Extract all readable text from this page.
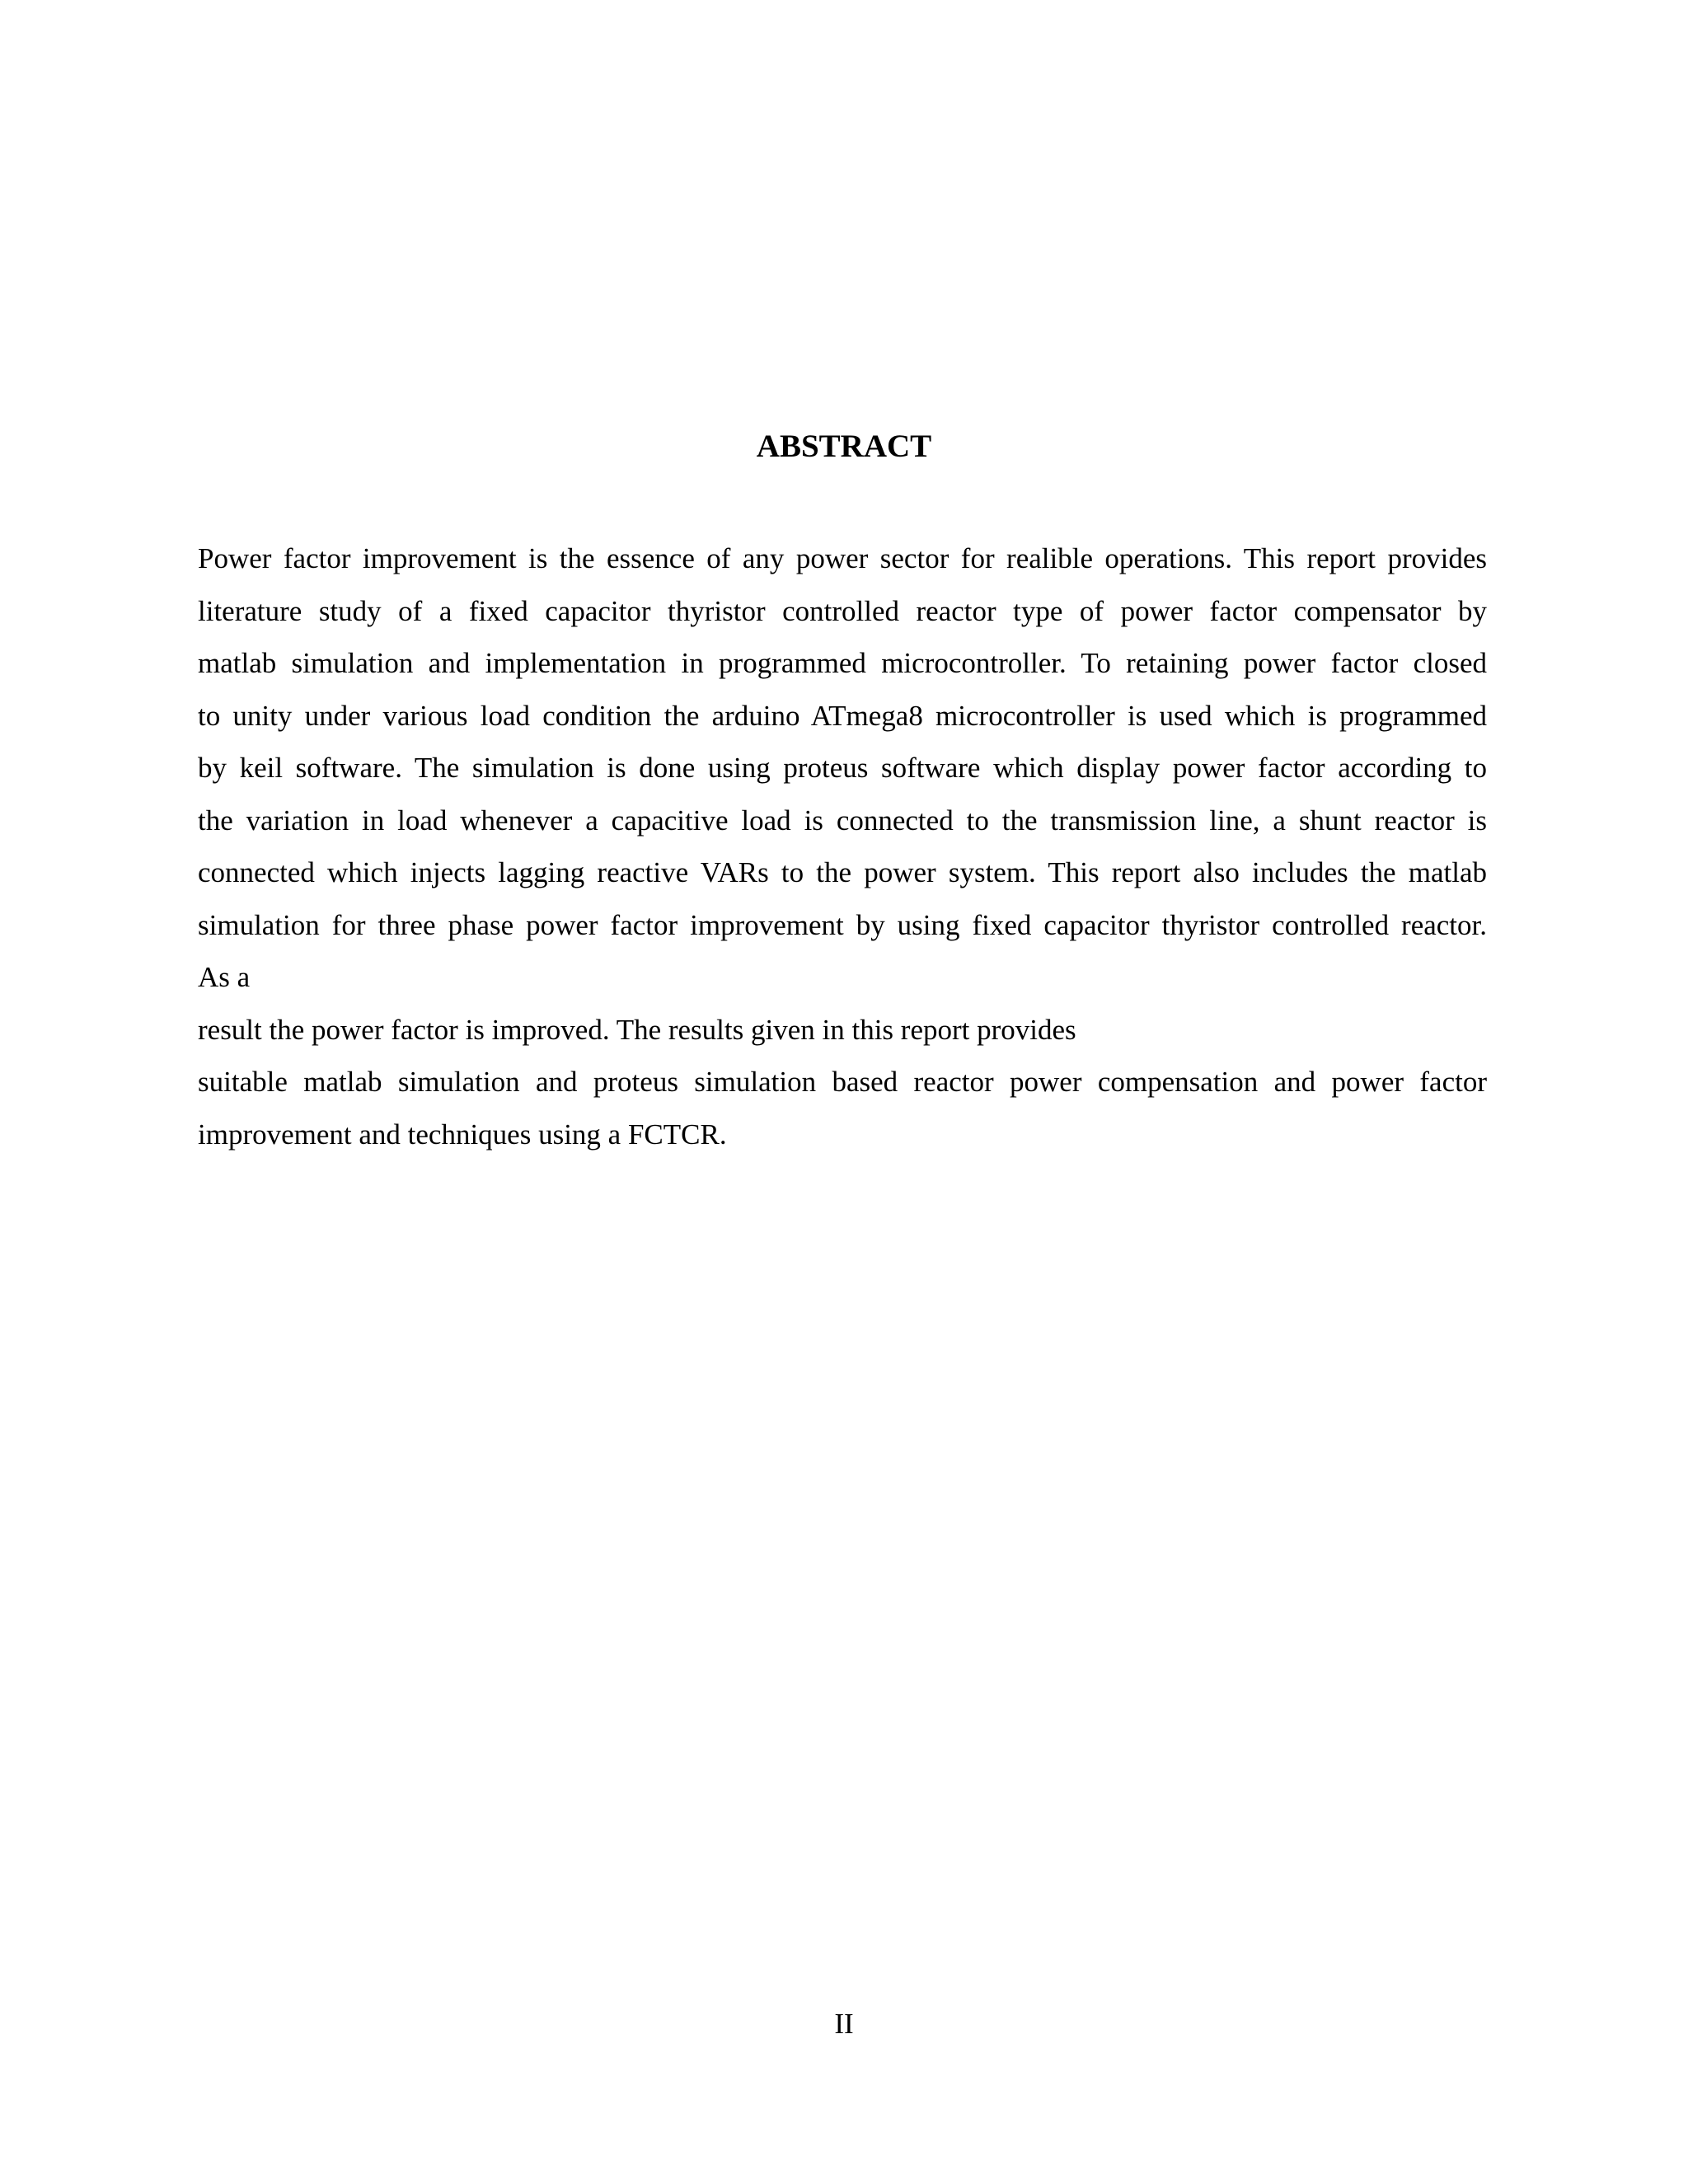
ABSTRACT
Power factor improvement is the essence of any power sector for realible operations. This report provides
literature study of a fixed capacitor thyristor controlled reactor type of power factor compensator by
matlab simulation and implementation in programmed microcontroller. To retaining power factor closed
to unity under various load condition the arduino ATmega8 microcontroller is used which is programmed
by keil software. The simulation is done using proteus software which display power factor according to
the variation in load whenever a capacitive load is connected to the transmission line, a shunt reactor is
connected which injects lagging reactive VARs to the power system. This report also includes the matlab
simulation for three phase power factor improvement by using fixed capacitor thyristor controlled reactor.
As a
result the power factor is improved. The results given in this report provides
suitable matlab simulation and proteus simulation based reactor power compensation and power factor
improvement and techniques using a FCTCR.
II
